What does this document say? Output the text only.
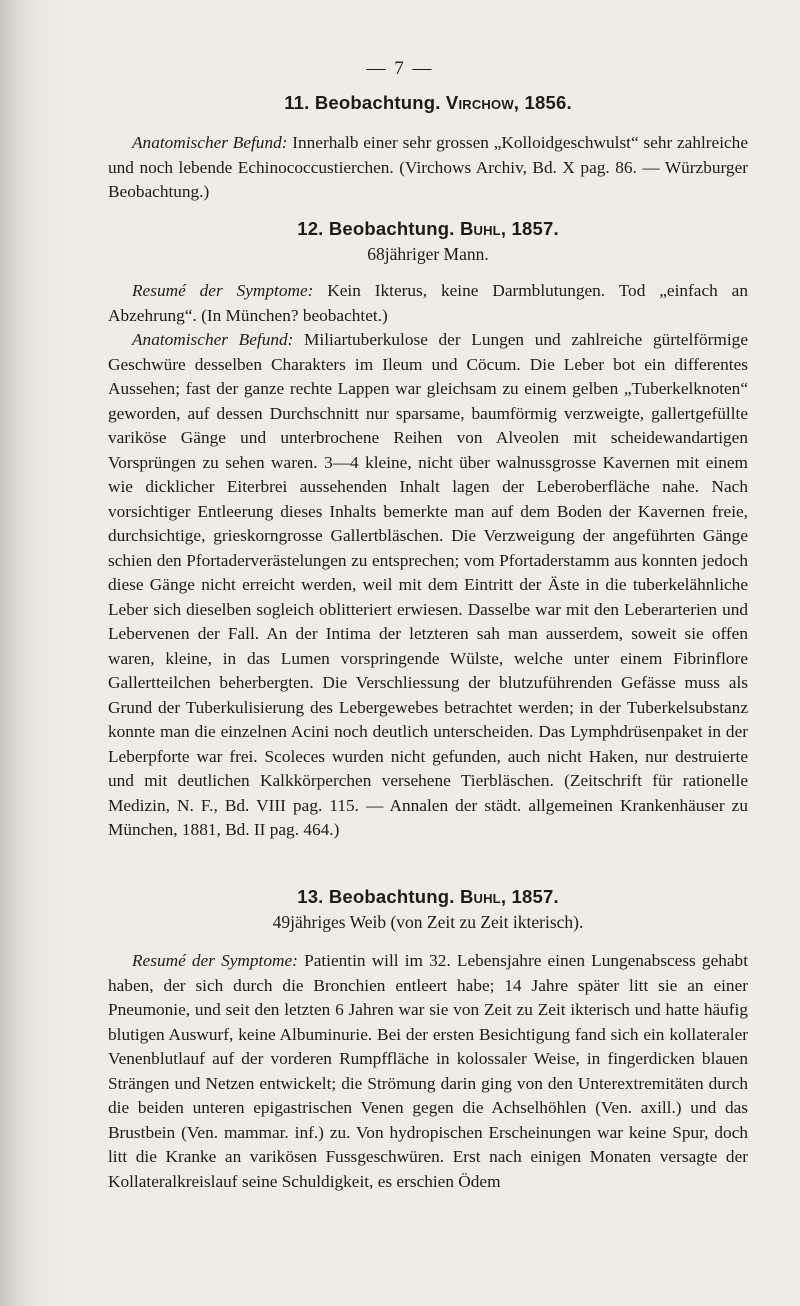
— 7 —
11. Beobachtung. Virchow, 1856.

Anatomischer Befund: Innerhalb einer sehr grossen „Kolloidgeschwulst“ sehr zahlreiche und noch lebende Echinococcustierchen. (Virchows Archiv, Bd. X pag. 86. — Würzburger Beobachtung.)

12. Beobachtung. Buhl, 1857.
68jähriger Mann.

Resumé der Symptome: Kein Ikterus, keine Darmblutungen. Tod „einfach an Abzehrung“. (In München? beobachtet.)

Anatomischer Befund: Miliartuberkulose der Lungen und zahlreiche gürtelförmige Geschwüre desselben Charakters im Ileum und Cöcum. Die Leber bot ein differentes Aussehen; fast der ganze rechte Lappen war gleichsam zu einem gelben „Tuberkelknoten“ geworden, auf dessen Durchschnitt nur sparsame, baumförmig verzweigte, gallertgefüllte variköse Gänge und unterbrochene Reihen von Alveolen mit scheidewandartigen Vorsprüngen zu sehen waren. 3—4 kleine, nicht über walnussgrosse Kavernen mit einem wie dicklicher Eiterbrei aussehenden Inhalt lagen der Leberoberfläche nahe. Nach vorsichtiger Entleerung dieses Inhalts bemerkte man auf dem Boden der Kavernen freie, durchsichtige, grieskorngrosse Gallertbläschen. Die Verzweigung der angeführten Gänge schien den Pfortaderverästelungen zu entsprechen; vom Pfortaderstamm aus konnten jedoch diese Gänge nicht erreicht werden, weil mit dem Eintritt der Äste in die tuberkelähnliche Leber sich dieselben sogleich oblitteriert erwiesen. Dasselbe war mit den Leberarterien und Lebervenen der Fall. An der Intima der letzteren sah man ausserdem, soweit sie offen waren, kleine, in das Lumen vorspringende Wülste, welche unter einem Fibrinflore Gallertteilchen beherbergten. Die Verschliessung der blutzuführenden Gefässe muss als Grund der Tuberkulisierung des Lebergewebes betrachtet werden; in der Tuberkelsubstanz konnte man die einzelnen Acini noch deutlich unterscheiden. Das Lymphdrüsenpaket in der Leberpforte war frei. Scoleces wurden nicht gefunden, auch nicht Haken, nur destruierte und mit deutlichen Kalkkörperchen versehene Tierbläschen. (Zeitschrift für rationelle Medizin, N. F., Bd. VIII pag. 115. — Annalen der städt. allgemeinen Krankenhäuser zu München, 1881, Bd. II pag. 464.)

13. Beobachtung. Buhl, 1857.
49jähriges Weib (von Zeit zu Zeit ikterisch).

Resumé der Symptome: Patientin will im 32. Lebensjahre einen Lungenabscess gehabt haben, der sich durch die Bronchien entleert habe; 14 Jahre später litt sie an einer Pneumonie, und seit den letzten 6 Jahren war sie von Zeit zu Zeit ikterisch und hatte häufig blutigen Auswurf, keine Albuminurie. Bei der ersten Besichtigung fand sich ein kollateraler Venenblutlauf auf der vorderen Rumpffläche in kolossaler Weise, in fingerdicken blauen Strängen und Netzen entwickelt; die Strömung darin ging von den Unterextremitäten durch die beiden unteren epigastrischen Venen gegen die Achselhöhlen (Ven. axill.) und das Brustbein (Ven. mammar. inf.) zu. Von hydropischen Erscheinungen war keine Spur, doch litt die Kranke an varikösen Fussgeschwüren. Erst nach einigen Monaten versagte der Kollateralkreislauf seine Schuldigkeit, es erschien Ödem
